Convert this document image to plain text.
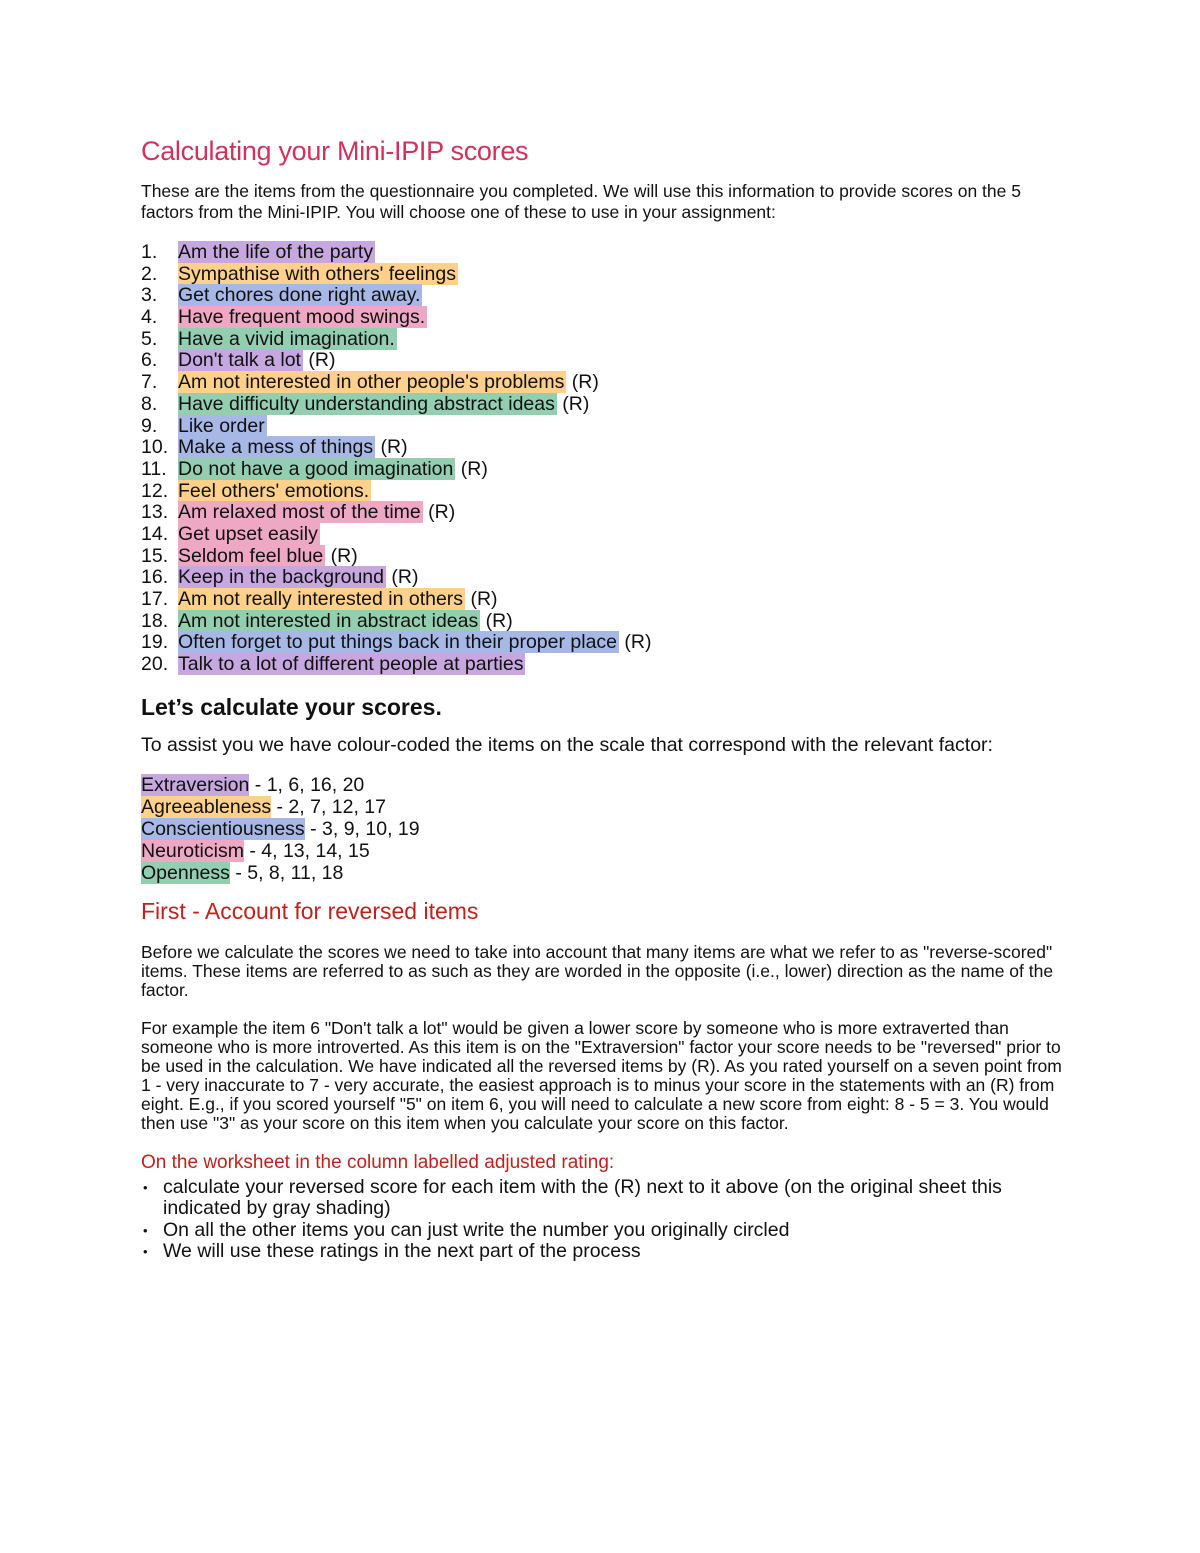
Calculating your Mini-IPIP scores

These are the items from the questionnaire you completed. We will use this information to provide scores on the 5 factors from the Mini-IPIP. You will choose one of these to use in your assignment:

1. Am the life of the party
2. Sympathise with others' feelings
3. Get chores done right away.
4. Have frequent mood swings.
5. Have a vivid imagination.
6. Don't talk a lot (R)
7. Am not interested in other people's problems (R)
8. Have difficulty understanding abstract ideas (R)
9. Like order
10. Make a mess of things (R)
11. Do not have a good imagination (R)
12. Feel others' emotions.
13. Am relaxed most of the time (R)
14. Get upset easily
15. Seldom feel blue (R)
16. Keep in the background (R)
17. Am not really interested in others (R)
18. Am not interested in abstract ideas (R)
19. Often forget to put things back in their proper place (R)
20. Talk to a lot of different people at parties
Let’s calculate your scores.

To assist you we have colour-coded the items on the scale that correspond with the relevant factor:

Extraversion - 1, 6, 16, 20
Agreeableness - 2, 7, 12, 17
Conscientiousness - 3, 9, 10, 19
Neuroticism - 4, 13, 14, 15
Openness - 5, 8, 11, 18
First - Account for reversed items

Before we calculate the scores we need to take into account that many items are what we refer to as "reverse-scored" items. These items are referred to as such as they are worded in the opposite (i.e., lower) direction as the name of the factor.

For example the item 6 "Don't talk a lot" would be given a lower score by someone who is more extraverted than someone who is more introverted. As this item is on the "Extraversion" factor your score needs to be "reversed" prior to be used in the calculation. We have indicated all the reversed items by (R). As you rated yourself on a seven point from 1 - very inaccurate to 7 - very accurate, the easiest approach is to minus your score in the statements with an (R) from eight. E.g., if you scored yourself "5" on item 6, you will need to calculate a new score from eight: 8 - 5 = 3. You would then use "3" as your score on this item when you calculate your score on this factor.

On the worksheet in the column labelled adjusted rating:

• calculate your reversed score for each item with the (R) next to it above (on the original sheet this indicated by gray shading)
• On all the other items you can just write the number you originally circled
• We will use these ratings in the next part of the process
